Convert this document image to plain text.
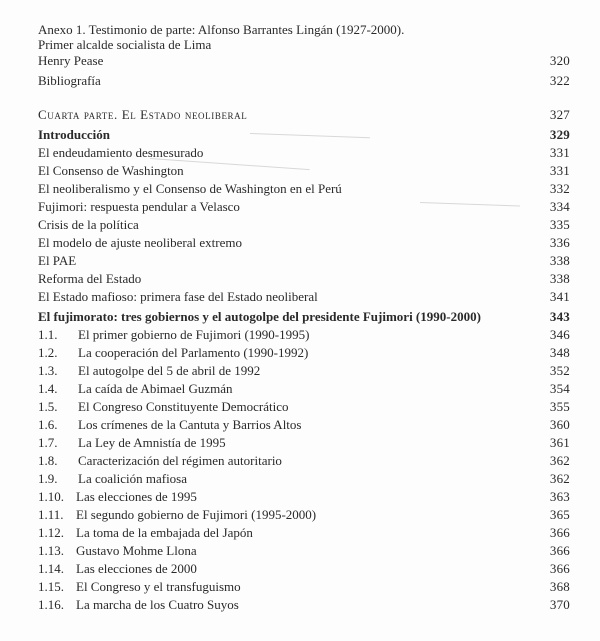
Anexo 1. Testimonio de parte: Alfonso Barrantes Lingán (1927-2000).
Primer alcalde socialista de Lima
Henry Pease	320
Bibliografía	322
Cuarta parte. El Estado neoliberal	327
Introducción	329
El endeudamiento desmesurado	331
El Consenso de Washington	331
El neoliberalismo y el Consenso de Washington en el Perú	332
Fujimori: respuesta pendular a Velasco	334
Crisis de la política	335
El modelo de ajuste neoliberal extremo	336
El PAE	338
Reforma del Estado	338
El Estado mafioso: primera fase del Estado neoliberal	341
El fujimorato: tres gobiernos y el autogolpe del presidente Fujimori (1990-2000)	343
1.1. El primer gobierno de Fujimori (1990-1995)	346
1.2. La cooperación del Parlamento (1990-1992)	348
1.3. El autogolpe del 5 de abril de 1992	352
1.4. La caída de Abimael Guzmán	354
1.5. El Congreso Constituyente Democrático	355
1.6. Los crímenes de la Cantuta y Barrios Altos	360
1.7. La Ley de Amnistía de 1995	361
1.8. Caracterización del régimen autoritario	362
1.9. La coalición mafiosa	362
1.10. Las elecciones de 1995	363
1.11. El segundo gobierno de Fujimori (1995-2000)	365
1.12. La toma de la embajada del Japón	366
1.13. Gustavo Mohme Llona	366
1.14. Las elecciones de 2000	366
1.15. El Congreso y el transfuguismo	368
1.16. La marcha de los Cuatro Suyos	370
